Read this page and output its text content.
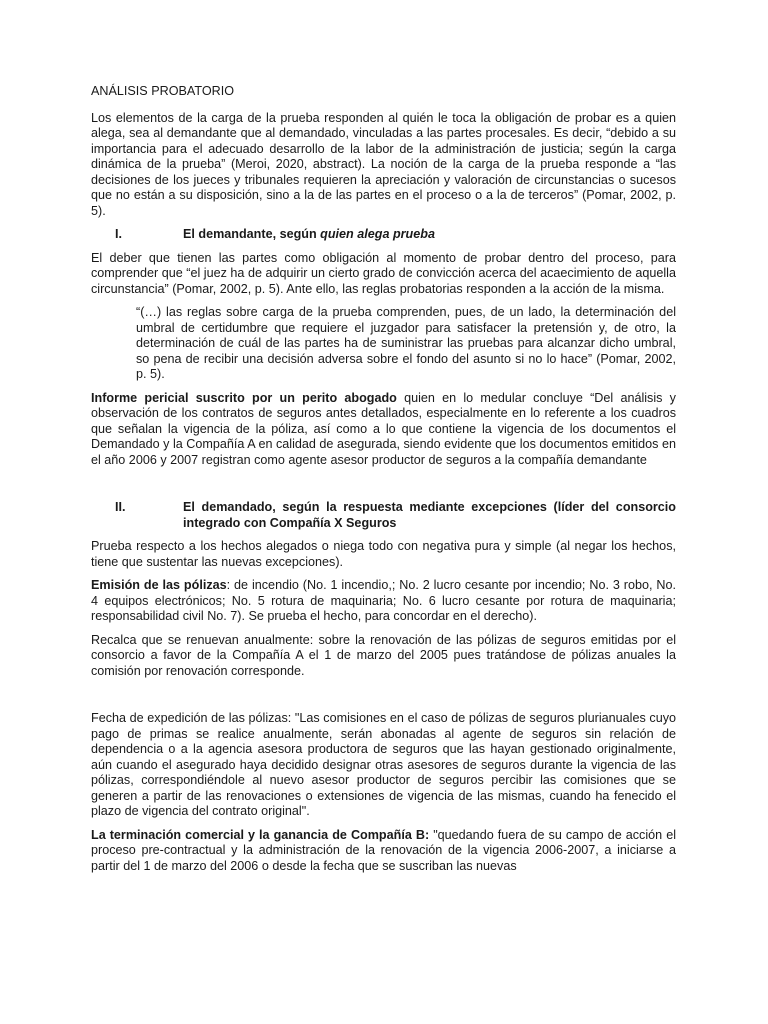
ANÁLISIS PROBATORIO

Los elementos de la carga de la prueba responden al quién le toca la obligación de probar es a quien alega, sea al demandante que al demandado, vinculadas a las partes procesales. Es decir, “debido a su importancia para el adecuado desarrollo de la labor de la administración de justicia; según la carga dinámica de la prueba” (Meroi, 2020, abstract). La noción de la carga de la prueba responde a “las decisiones de los jueces y tribunales requieren la apreciación y valoración de circunstancias o sucesos que no están a su disposición, sino a la de las partes en el proceso o a la de terceros” (Pomar, 2002, p. 5).

I.	El demandante, según quien alega prueba

El deber que tienen las partes como obligación al momento de probar dentro del proceso, para comprender que “el juez ha de adquirir un cierto grado de convicción acerca del acaecimiento de aquella circunstancia” (Pomar, 2002, p. 5). Ante ello, las reglas probatorias responden a la acción de la misma.

“(…) las reglas sobre carga de la prueba comprenden, pues, de un lado, la determinación del umbral de certidumbre que requiere el juzgador para satisfacer la pretensión y, de otro, la determinación de cuál de las partes ha de suministrar las pruebas para alcanzar dicho umbral, so pena de recibir una decisión adversa sobre el fondo del asunto si no lo hace” (Pomar, 2002, p. 5).

Informe pericial suscrito por un perito abogado quien en lo medular concluye “Del análisis y observación de los contratos de seguros antes detallados, especialmente en lo referente a los cuadros que señalan la vigencia de la póliza, así como a lo que contiene la vigencia de los documentos el Demandado y la Compañía A en calidad de asegurada, siendo evidente que los documentos emitidos en el año 2006 y 2007 registran como agente asesor productor de seguros a la compañía demandante

II.	El demandado, según la respuesta mediante excepciones (líder del consorcio integrado con Compañía X Seguros

Prueba respecto a los hechos alegados o niega todo con negativa pura y simple (al negar los hechos, tiene que sustentar las nuevas excepciones).

Emisión de las pólizas: de incendio (No. 1 incendio,; No. 2 lucro cesante por incendio; No. 3 robo, No. 4 equipos electrónicos; No. 5 rotura de maquinaria; No. 6 lucro cesante por rotura de maquinaria; responsabilidad civil No. 7). Se prueba el hecho, para concordar en el derecho).

Recalca que se renuevan anualmente: sobre la renovación de las pólizas de seguros emitidas por el consorcio a favor de la Compañía A el 1 de marzo del 2005 pues tratándose de pólizas anuales la comisión por renovación corresponde.

Fecha de expedición de las pólizas: "Las comisiones en el caso de pólizas de seguros plurianuales cuyo pago de primas se realice anualmente, serán abonadas al agente de seguros sin relación de dependencia o a la agencia asesora productora de seguros que las hayan gestionado originalmente, aún cuando el asegurado haya decidido designar otras asesores de seguros durante la vigencia de las pólizas, correspondiéndole al nuevo asesor productor de seguros percibir las comisiones que se generen a partir de las renovaciones o extensiones de vigencia de las mismas, cuando ha fenecido el plazo de vigencia del contrato original".

La terminación comercial y la ganancia de Compañía B: "quedando fuera de su campo de acción el proceso pre-contractual y la administración de la renovación de la vigencia 2006-2007, a iniciarse a partir del 1 de marzo del 2006 o desde la fecha que se suscriban las nuevas
